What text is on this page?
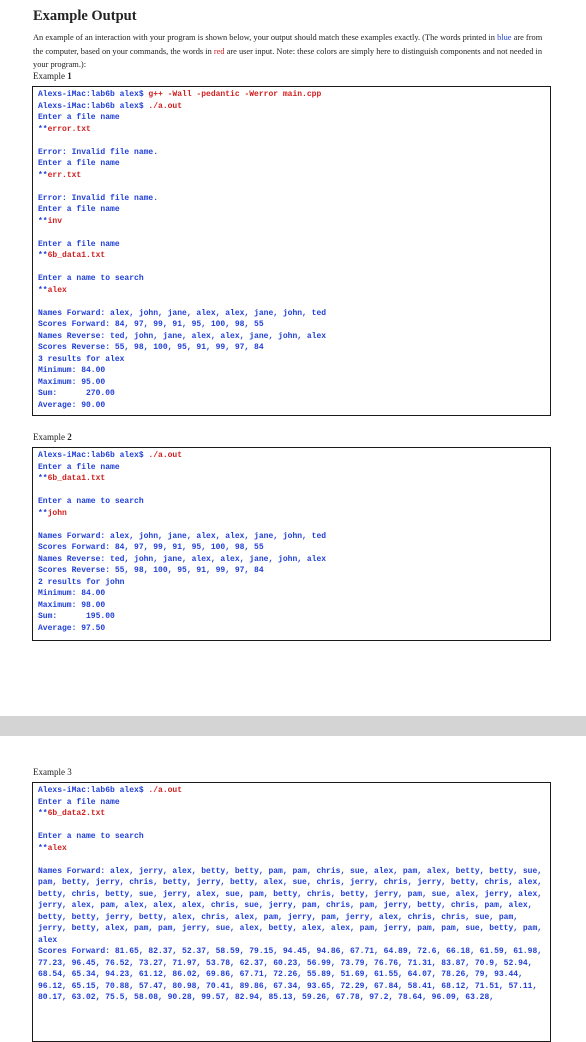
Example Output

An example of an interaction with your program is shown below, your output should match these examples exactly. (The words printed in blue are from the computer, based on your commands, the words in red are user input. Note: these colors are simply here to distinguish components and not needed in your program.):

Example 1
Alexs-iMac:lab6b alex$ g++ -Wall -pedantic -Werror main.cpp
Alexs-iMac:lab6b alex$ ./a.out
Enter a file name
**error.txt

Error: Invalid file name.
Enter a file name
**err.txt

Error: Invalid file name.
Enter a file name
**inv

Enter a file name
**6b_data1.txt

Enter a name to search
**alex

Names Forward: alex, john, jane, alex, alex, jane, john, ted
Scores Forward: 84, 97, 99, 91, 95, 100, 98, 55
Names Reverse: ted, john, jane, alex, alex, jane, john, alex
Scores Reverse: 55, 98, 100, 95, 91, 99, 97, 84
3 results for alex
Minimum: 84.00
Maximum: 95.00
Sum:      270.00
Average: 90.00
Example 2
Alexs-iMac:lab6b alex$ ./a.out
Enter a file name
**6b_data1.txt

Enter a name to search
**john

Names Forward: alex, john, jane, alex, alex, jane, john, ted
Scores Forward: 84, 97, 99, 91, 95, 100, 98, 55
Names Reverse: ted, john, jane, alex, alex, jane, john, alex
Scores Reverse: 55, 98, 100, 95, 91, 99, 97, 84
2 results for john
Minimum: 84.00
Maximum: 98.00
Sum:      195.00
Average: 97.50
Example 3
Alexs-iMac:lab6b alex$ ./a.out
Enter a file name
**6b_data2.txt

Enter a name to search
**alex

Names Forward: alex, jerry, alex, betty, betty, pam, pam, chris, sue, alex, pam, alex, betty, betty, sue, pam, betty, jerry, chris, betty, jerry, betty, alex, sue, chris, jerry, chris, jerry, betty, chris, alex, betty, chris, betty, sue, jerry, alex, sue, pam, betty, chris, betty, jerry, pam, sue, alex, jerry, alex, jerry, alex, pam, alex, alex, alex, chris, sue, jerry, pam, chris, pam, jerry, betty, chris, pam, alex, betty, betty, jerry, betty, alex, chris, alex, pam, jerry, pam, jerry, alex, chris, chris, sue, pam, jerry, betty, alex, pam, pam, jerry, sue, alex, betty, alex, alex, pam, jerry, pam, pam, sue, betty, pam, alex
Scores Forward: 81.65, 82.37, 52.37, 58.59, 79.15, 94.45, 94.86, 67.71, 64.89, 72.6, 66.18, 61.59, 61.98, 77.23, 96.45, 76.52, 73.27, 71.97, 53.78, 62.37, 60.23, 56.99, 73.79, 76.76, 71.31, 83.87, 70.9, 52.94, 68.54, 65.34, 94.23, 61.12, 86.02, 69.86, 67.71, 72.26, 55.89, 51.69, 61.55, 64.07, 78.26, 79, 93.44, 96.12, 65.15, 70.88, 57.47, 80.98, 70.41, 89.86, 67.34, 93.65, 72.29, 67.84, 58.41, 68.12, 71.51, 57.11, 80.17, 63.02, 75.5, 58.08, 90.28, 99.57, 82.94, 85.13, 59.26, 67.78, 97.2, 78.64, 96.09, 63.28,
